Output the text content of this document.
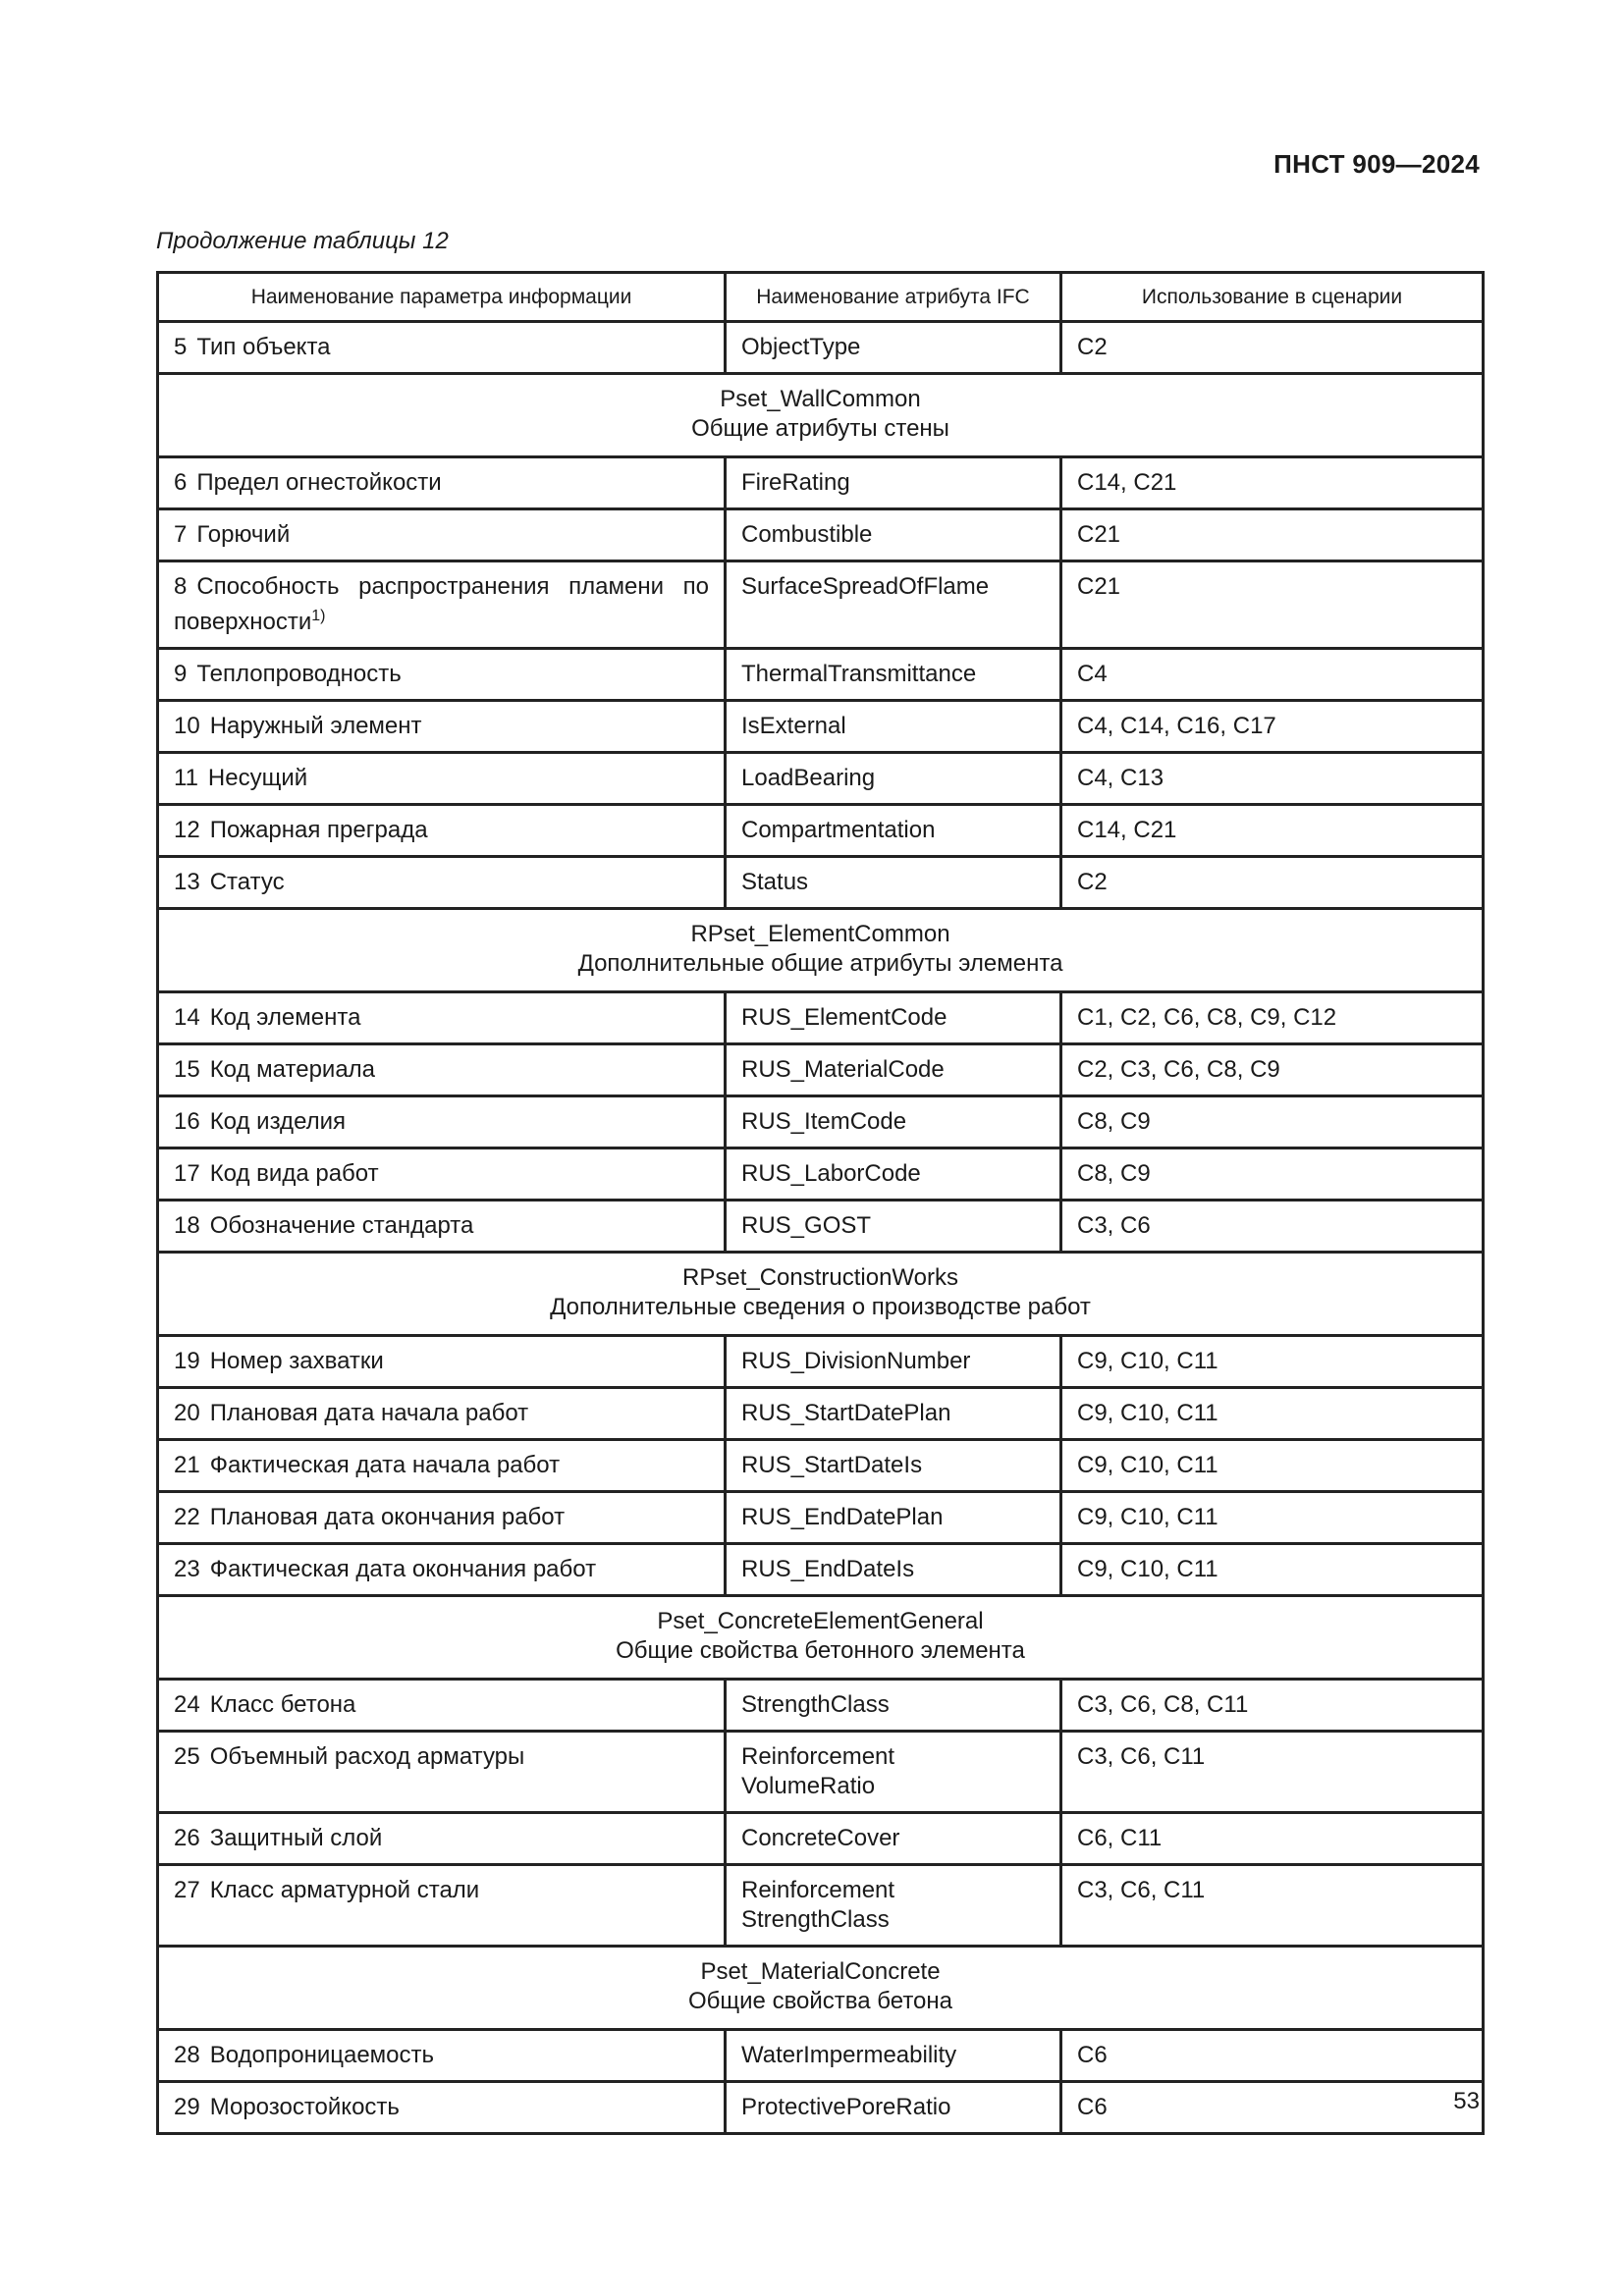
ПНСТ 909—2024
Продолжение таблицы 12
Наименование параметра информации	Наименование атрибута IFC	Использование в сценарии
5 Тип объекта	ObjectType	C2

Pset_WallCommon
Общие атрибуты стены		

6 Предел огнестойкости	FireRating	C14, C21
7 Горючий	Combustible	C21
8 Способность распространения пламени по поверхности$^{1)}$	SurfaceSpreadOfFlame	C21
9 Теплопроводность	ThermalTransmittance	C4
10 Наружный элемент	IsExternal	C4, C14, C16, C17
11 Несущий	LoadBearing	C4, C13
12 Пожарная преграда	Compartmentation	C14, C21
13 Статус	Status	C2

RPset_ElementCommon
Дополнительные общие атрибуты элемента		

14 Код элемента	RUS_ElementCode	C1, C2, C6, C8, C9, C12
15 Код материала	RUS_MaterialCode	C2, C3, C6, C8, C9
16 Код изделия	RUS_ItemCode	C8, C9
17 Код вида работ	RUS_LaborCode	C8, C9
18 Обозначение стандарта	RUS_GOST	C3, C6

RPset_ConstructionWorks
Дополнительные сведения о производстве работ		

19 Номер захватки	RUS_DivisionNumber	C9, C10, C11
20 Плановая дата начала работ	RUS_StartDatePlan	C9, C10, C11
21 Фактическая дата начала работ	RUS_StartDateIs	C9, C10, C11
22 Плановая дата окончания работ	RUS_EndDatePlan	C9, C10, C11
23 Фактическая дата окончания работ	RUS_EndDateIs	C9, C10, C11

Pset_ConcreteElementGeneral
Общие свойства бетонного элемента		

24 Класс бетона	StrengthClass	C3, C6, C8, C11
25 Объемный расход арматуры	Reinforcement
VolumeRatio	C3, C6, C11
26 Защитный слой	ConcreteCover	C6, C11
27 Класс арматурной стали	Reinforcement
StrengthClass	C3, C6, C11

Pset_MaterialConcrete
Общие свойства бетона		

28 Водопроницаемость	WaterImpermeability	C6
29 Морозостойкость	ProtectivePoreRatio	C6	53
